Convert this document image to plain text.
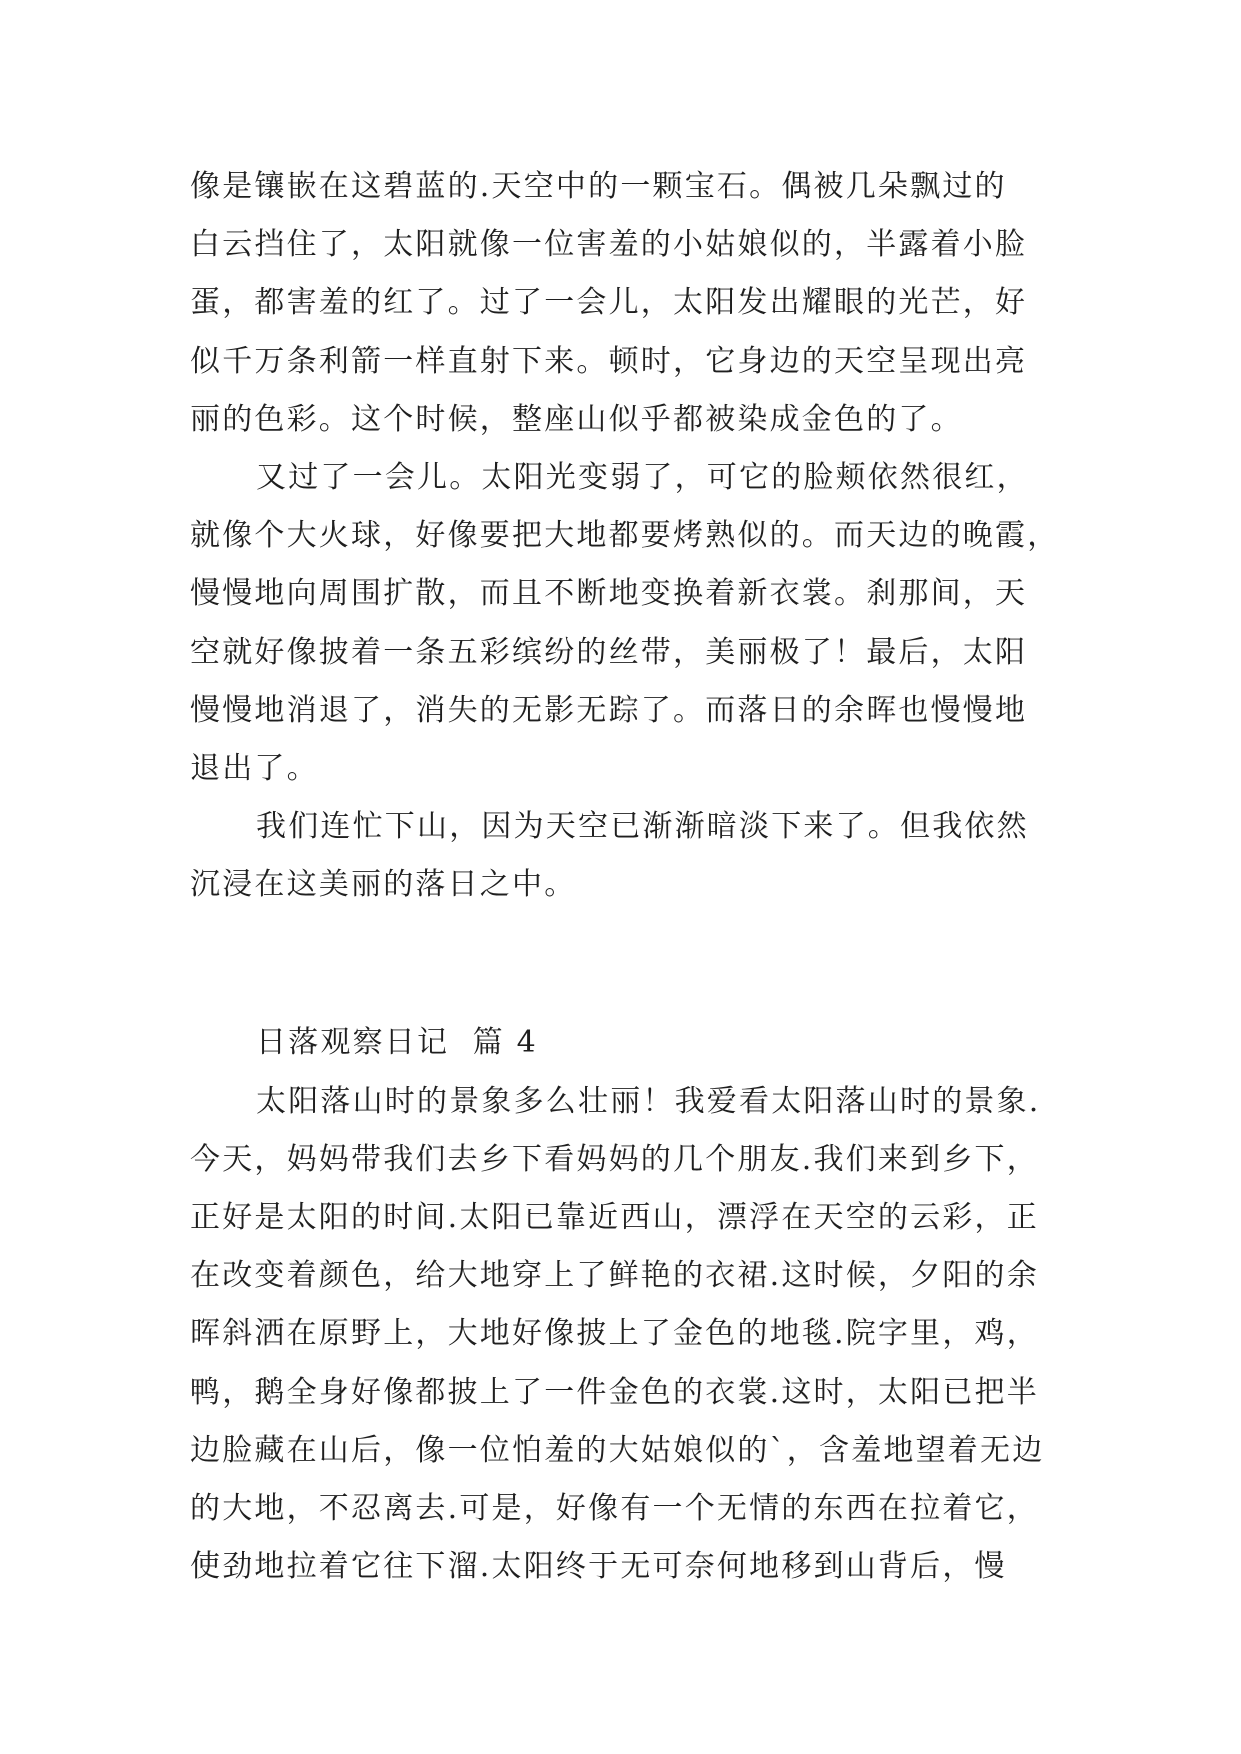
像是镶嵌在这碧蓝的.天空中的一颗宝石。偶被几朵飘过的
白云挡住了，太阳就像一位害羞的小姑娘似的，半露着小脸
蛋，都害羞的红了。过了一会儿，太阳发出耀眼的光芒，好
似千万条利箭一样直射下来。顿时，它身边的天空呈现出亮
丽的色彩。这个时候，整座山似乎都被染成金色的了。
又过了一会儿。太阳光变弱了，可它的脸颊依然很红，
就像个大火球，好像要把大地都要烤熟似的。而天边的晚霞，
慢慢地向周围扩散，而且不断地变换着新衣裳。刹那间，天
空就好像披着一条五彩缤纷的丝带，美丽极了！最后，太阳
慢慢地消退了，消失的无影无踪了。而落日的余晖也慢慢地
退出了。
我们连忙下山，因为天空已渐渐暗淡下来了。但我依然
沉浸在这美丽的落日之中。
日落观察日记  篇 4
太阳落山时的景象多么壮丽！我爱看太阳落山时的景象.
今天，妈妈带我们去乡下看妈妈的几个朋友.我们来到乡下，
正好是太阳的时间.太阳已靠近西山，漂浮在天空的云彩，正
在改变着颜色，给大地穿上了鲜艳的衣裙.这时候，夕阳的余
晖斜洒在原野上，大地好像披上了金色的地毯.院字里，鸡，
鸭，鹅全身好像都披上了一件金色的衣裳.这时，太阳已把半
边脸藏在山后，像一位怕羞的大姑娘似的`，含羞地望着无边
的大地，不忍离去.可是，好像有一个无情的东西在拉着它，
使劲地拉着它往下溜.太阳终于无可奈何地移到山背后，慢
